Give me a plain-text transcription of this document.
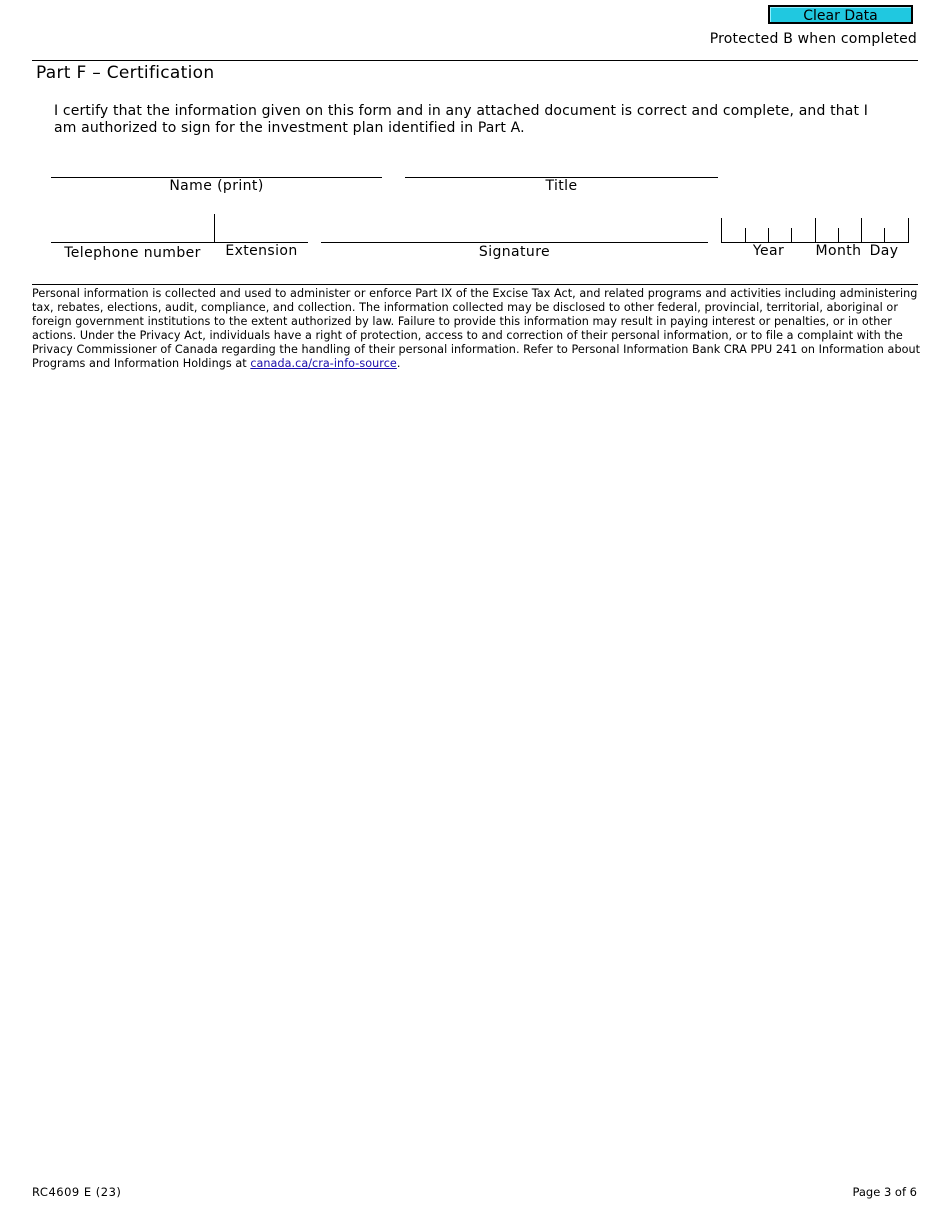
Clear Data
Protected B when completed
Part F – Certification
I certify that the information given on this form and in any attached document is correct and complete, and that I am authorized to sign for the investment plan identified in Part A.
Name (print)	Title
Telephone number	Extension	Signature	Year	Month Day
Personal information is collected and used to administer or enforce Part IX of the Excise Tax Act, and related programs and activities including administering tax, rebates, elections, audit, compliance, and collection. The information collected may be disclosed to other federal, provincial, territorial, aboriginal or foreign government institutions to the extent authorized by law. Failure to provide this information may result in paying interest or penalties, or in other actions. Under the Privacy Act, individuals have a right of protection, access to and correction of their personal information, or to file a complaint with the Privacy Commissioner of Canada regarding the handling of their personal information. Refer to Personal Information Bank CRA PPU 241 on Information about Programs and Information Holdings at canada.ca/cra-info-source.
RC4609 E (23)	Page 3 of 6
